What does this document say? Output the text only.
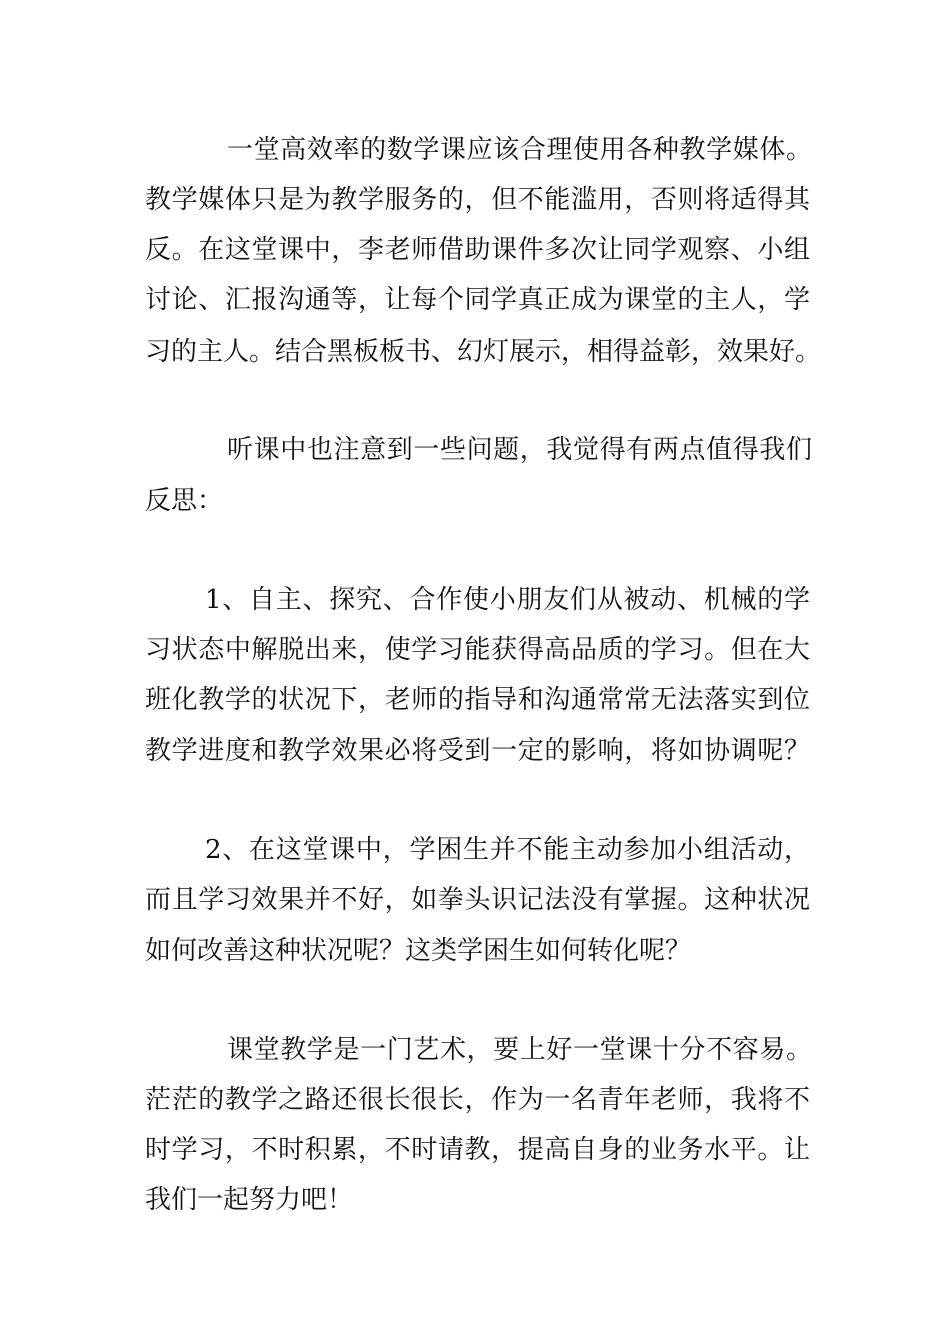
一堂高效率的数学课应该合理使用各种教学媒体。
教学媒体只是为教学服务的，但不能滥用，否则将适得其
反。在这堂课中，李老师借助课件多次让同学观察、小组
讨论、汇报沟通等，让每个同学真正成为课堂的主人，学
习的主人。结合黑板板书、幻灯展示，相得益彰，效果好。
听课中也注意到一些问题，我觉得有两点值得我们
反思：
1、自主、探究、合作使小朋友们从被动、机械的学
习状态中解脱出来，使学习能获得高品质的学习。但在大
班化教学的状况下，老师的指导和沟通常常无法落实到位
教学进度和教学效果必将受到一定的影响，将如协调呢？
2、在这堂课中，学困生并不能主动参加小组活动，
而且学习效果并不好，如拳头识记法没有掌握。这种状况
如何改善这种状况呢？这类学困生如何转化呢？
课堂教学是一门艺术，要上好一堂课十分不容易。
茫茫的教学之路还很长很长，作为一名青年老师，我将不
时学习，不时积累，不时请教，提高自身的业务水平。让
我们一起努力吧！
